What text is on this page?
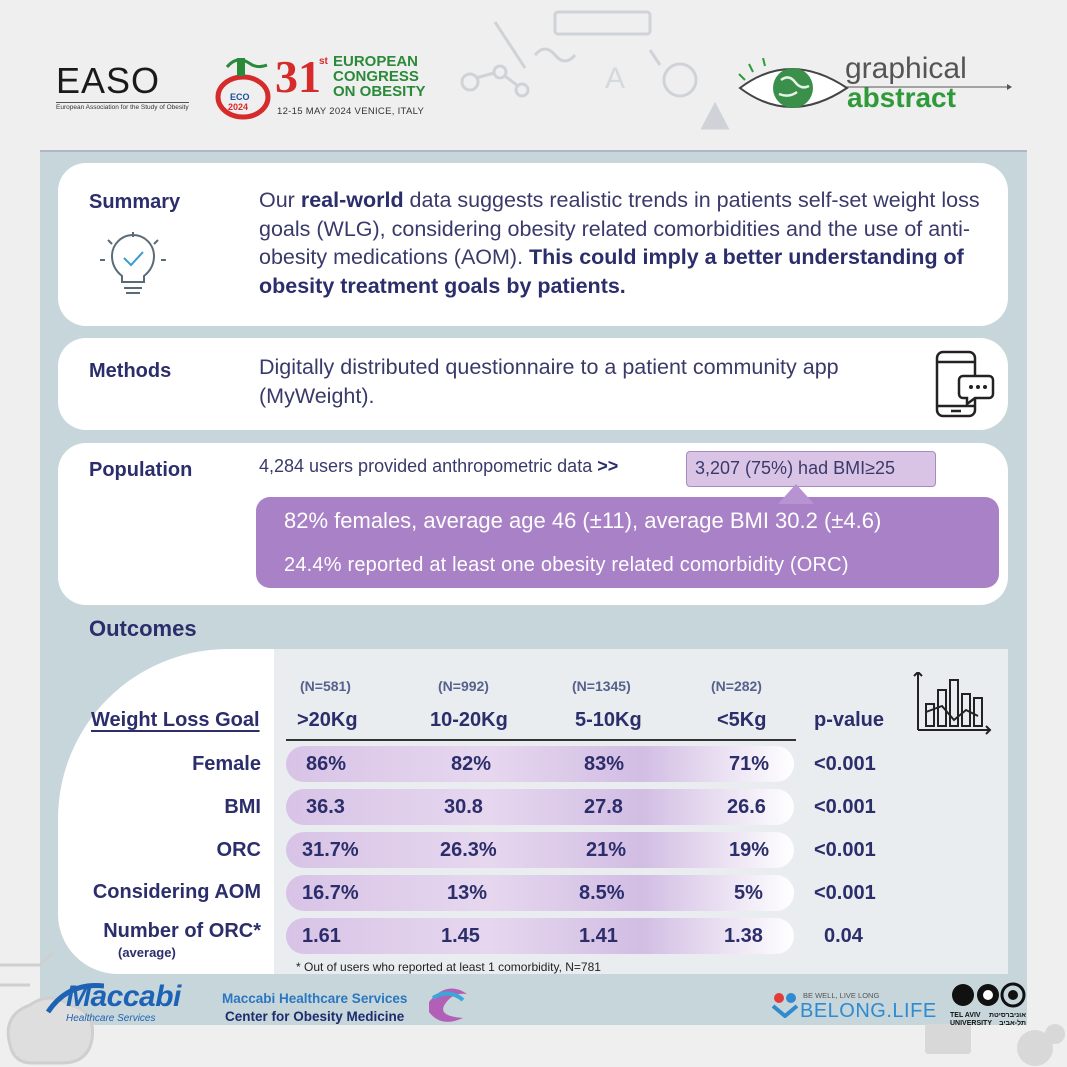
A
EASO
European Association for the Study of Obesity
ECO
2024
31
st EUROPEAN
CONGRESS
ON OBESITY
12-15 MAY 2024 VENICE, ITALY
graphical
abstract
Summary	Our real-world data suggests realistic trends in patients self-set weight loss goals (WLG), considering obesity related comorbidities and the use of anti-obesity medications (AOM). This could imply a better understanding of obesity treatment goals by patients.
Methods	Digitally distributed questionnaire to a patient community app (MyWeight).
Population	4,284 users provided anthropometric data >>	3,207 (75%) had BMI≥25
82% females, average age 46 (±11), average BMI 30.2 (±4.6)
24.4% reported at least one obesity related comorbidity (ORC)
Outcomes
Weight Loss Goal
(N=581)	(N=992)	(N=1345)	(N=282)
>20Kg	10-20Kg	5-10Kg	<5Kg p-value
Female 86%	82%	83%	71% <0.001
BMI 36.3	30.8	27.8	26.6 <0.001
ORC 31.7%	26.3%	21%	19% <0.001
Considering AOM 16.7%	13%	8.5%	5%	<0.001
Number of ORC*
(average)
1.61	1.45	1.41	1.38	0.04
* Out of users who reported at least 1 comorbidity, N=781
Maccabi
Healthcare Services
Maccabi Healthcare Services
Center for Obesity Medicine
BE WELL, LIVE LONG
BELONG.LIFE TEL AVIV אוניברסיטת
UNIVERSITY תל-אביב
